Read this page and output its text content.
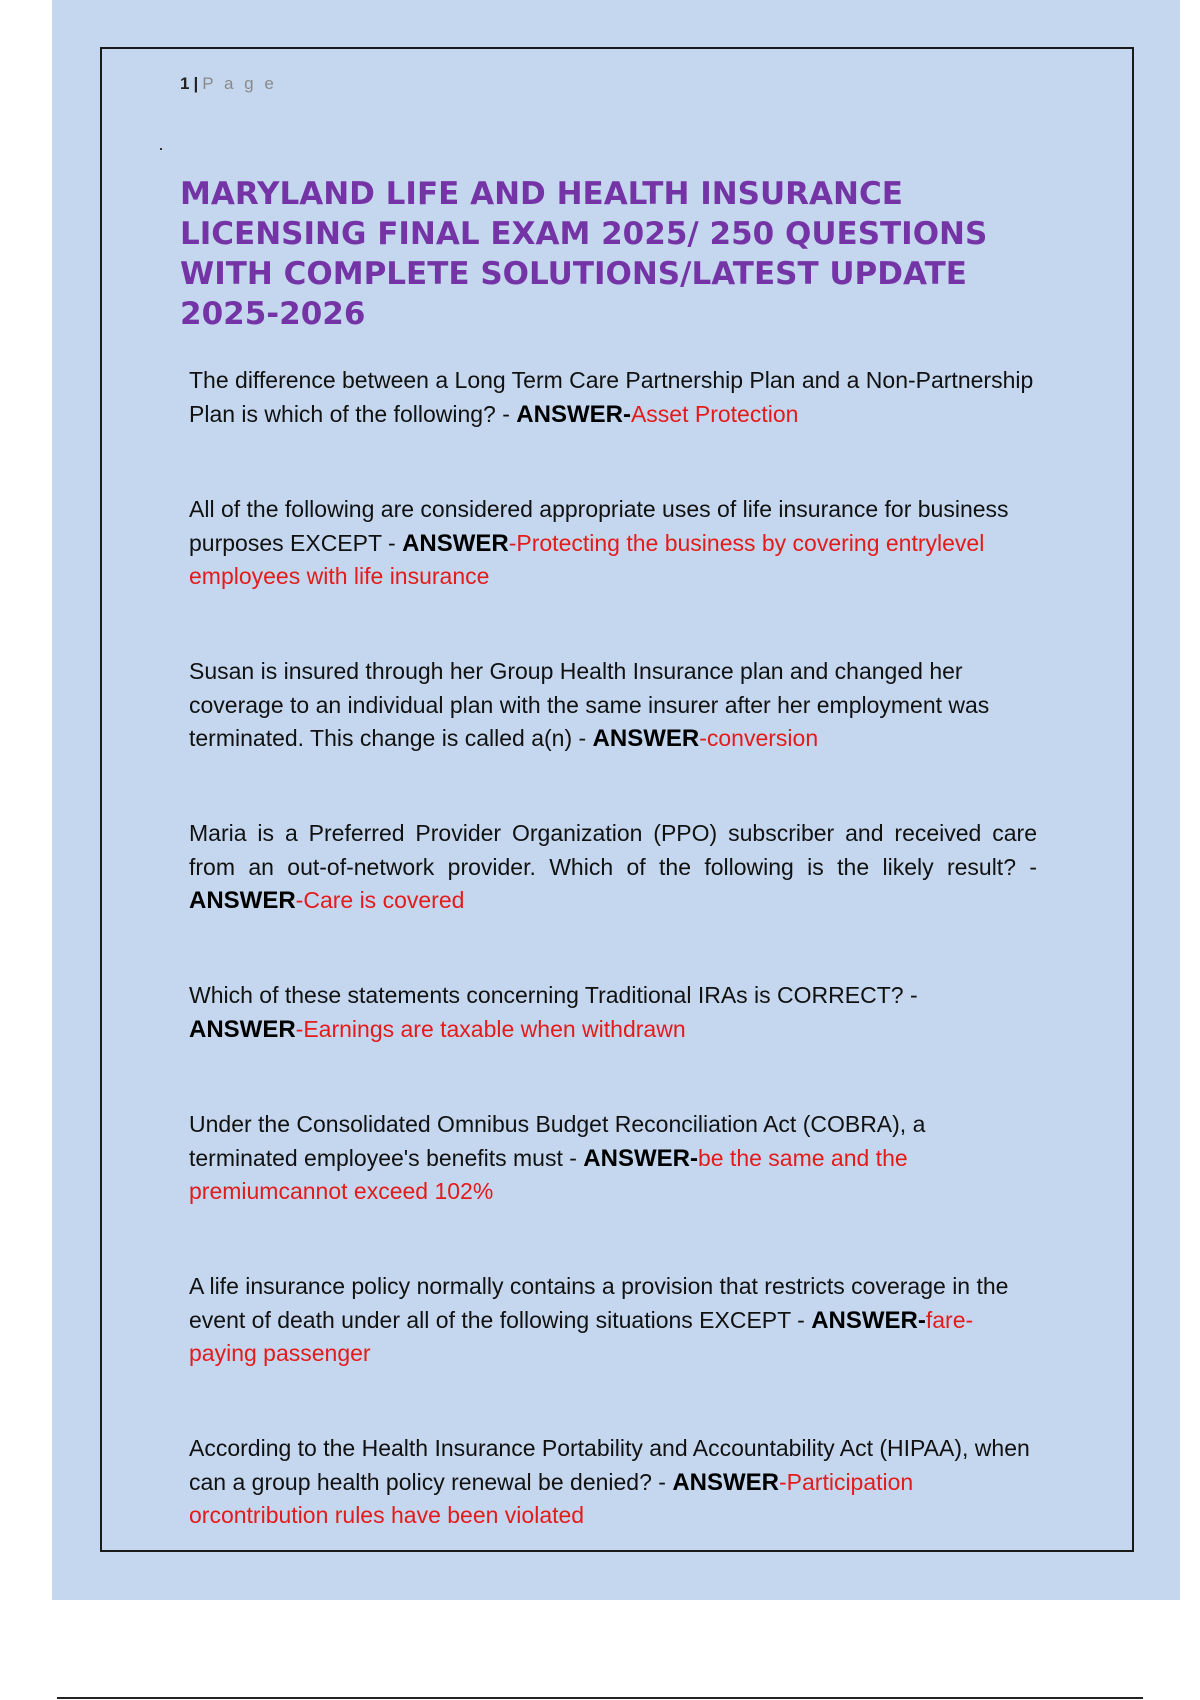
1 | P a g e
MARYLAND LIFE AND HEALTH INSURANCE LICENSING FINAL EXAM 2025/ 250 QUESTIONS WITH COMPLETE SOLUTIONS/LATEST UPDATE 2025-2026

The difference between a Long Term Care Partnership Plan and a Non-Partnership Plan is which of the following? - ANSWER-Asset Protection

All of the following are considered appropriate uses of life insurance for business purposes EXCEPT - ANSWER-Protecting the business by covering entrylevel employees with life insurance

Susan is insured through her Group Health Insurance plan and changed her coverage to an individual plan with the same insurer after her employment was terminated. This change is called a(n) - ANSWER-conversion

Maria is a Preferred Provider Organization (PPO) subscriber and received care from an out-of-network provider. Which of the following is the likely result? -ANSWER-Care is covered

Which of these statements concerning Traditional IRAs is CORRECT? - ANSWER-Earnings are taxable when withdrawn

Under the Consolidated Omnibus Budget Reconciliation Act (COBRA), a terminated employee's benefits must - ANSWER-be the same and the premiumcannot exceed 102%

A life insurance policy normally contains a provision that restricts coverage in the event of death under all of the following situations EXCEPT - ANSWER-fare-paying passenger

According to the Health Insurance Portability and Accountability Act (HIPAA), when can a group health policy renewal be denied? - ANSWER-Participation orcontribution rules have been violated
